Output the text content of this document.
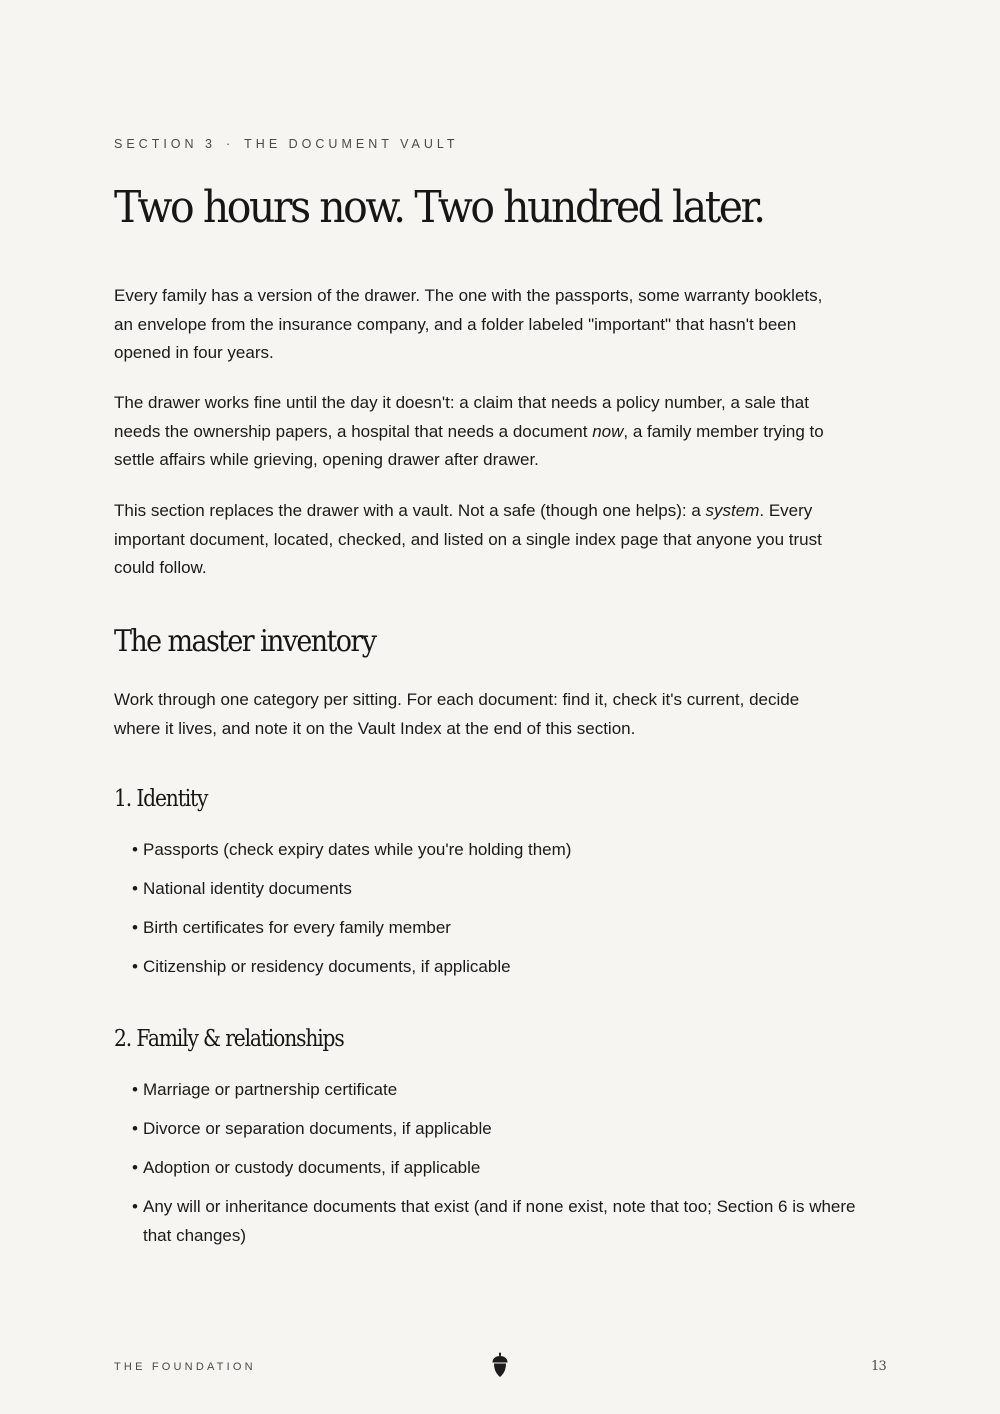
SECTION 3 · THE DOCUMENT VAULT
Two hours now. Two hundred later.

Every family has a version of the drawer. The one with the passports, some warranty booklets, an envelope from the insurance company, and a folder labeled "important" that hasn't been opened in four years.

The drawer works fine until the day it doesn't: a claim that needs a policy number, a sale that needs the ownership papers, a hospital that needs a document now, a family member trying to settle affairs while grieving, opening drawer after drawer.

This section replaces the drawer with a vault. Not a safe (though one helps): a system. Every important document, located, checked, and listed on a single index page that anyone you trust could follow.

The master inventory

Work through one category per sitting. For each document: find it, check it's current, decide where it lives, and note it on the Vault Index at the end of this section.

1. Identity
• Passports (check expiry dates while you're holding them)
• National identity documents
• Birth certificates for every family member
• Citizenship or residency documents, if applicable
2. Family & relationships
• Marriage or partnership certificate
• Divorce or separation documents, if applicable
• Adoption or custody documents, if applicable
• Any will or inheritance documents that exist (and if none exist, note that too; Section 6 is where that changes)
THE FOUNDATION	13
